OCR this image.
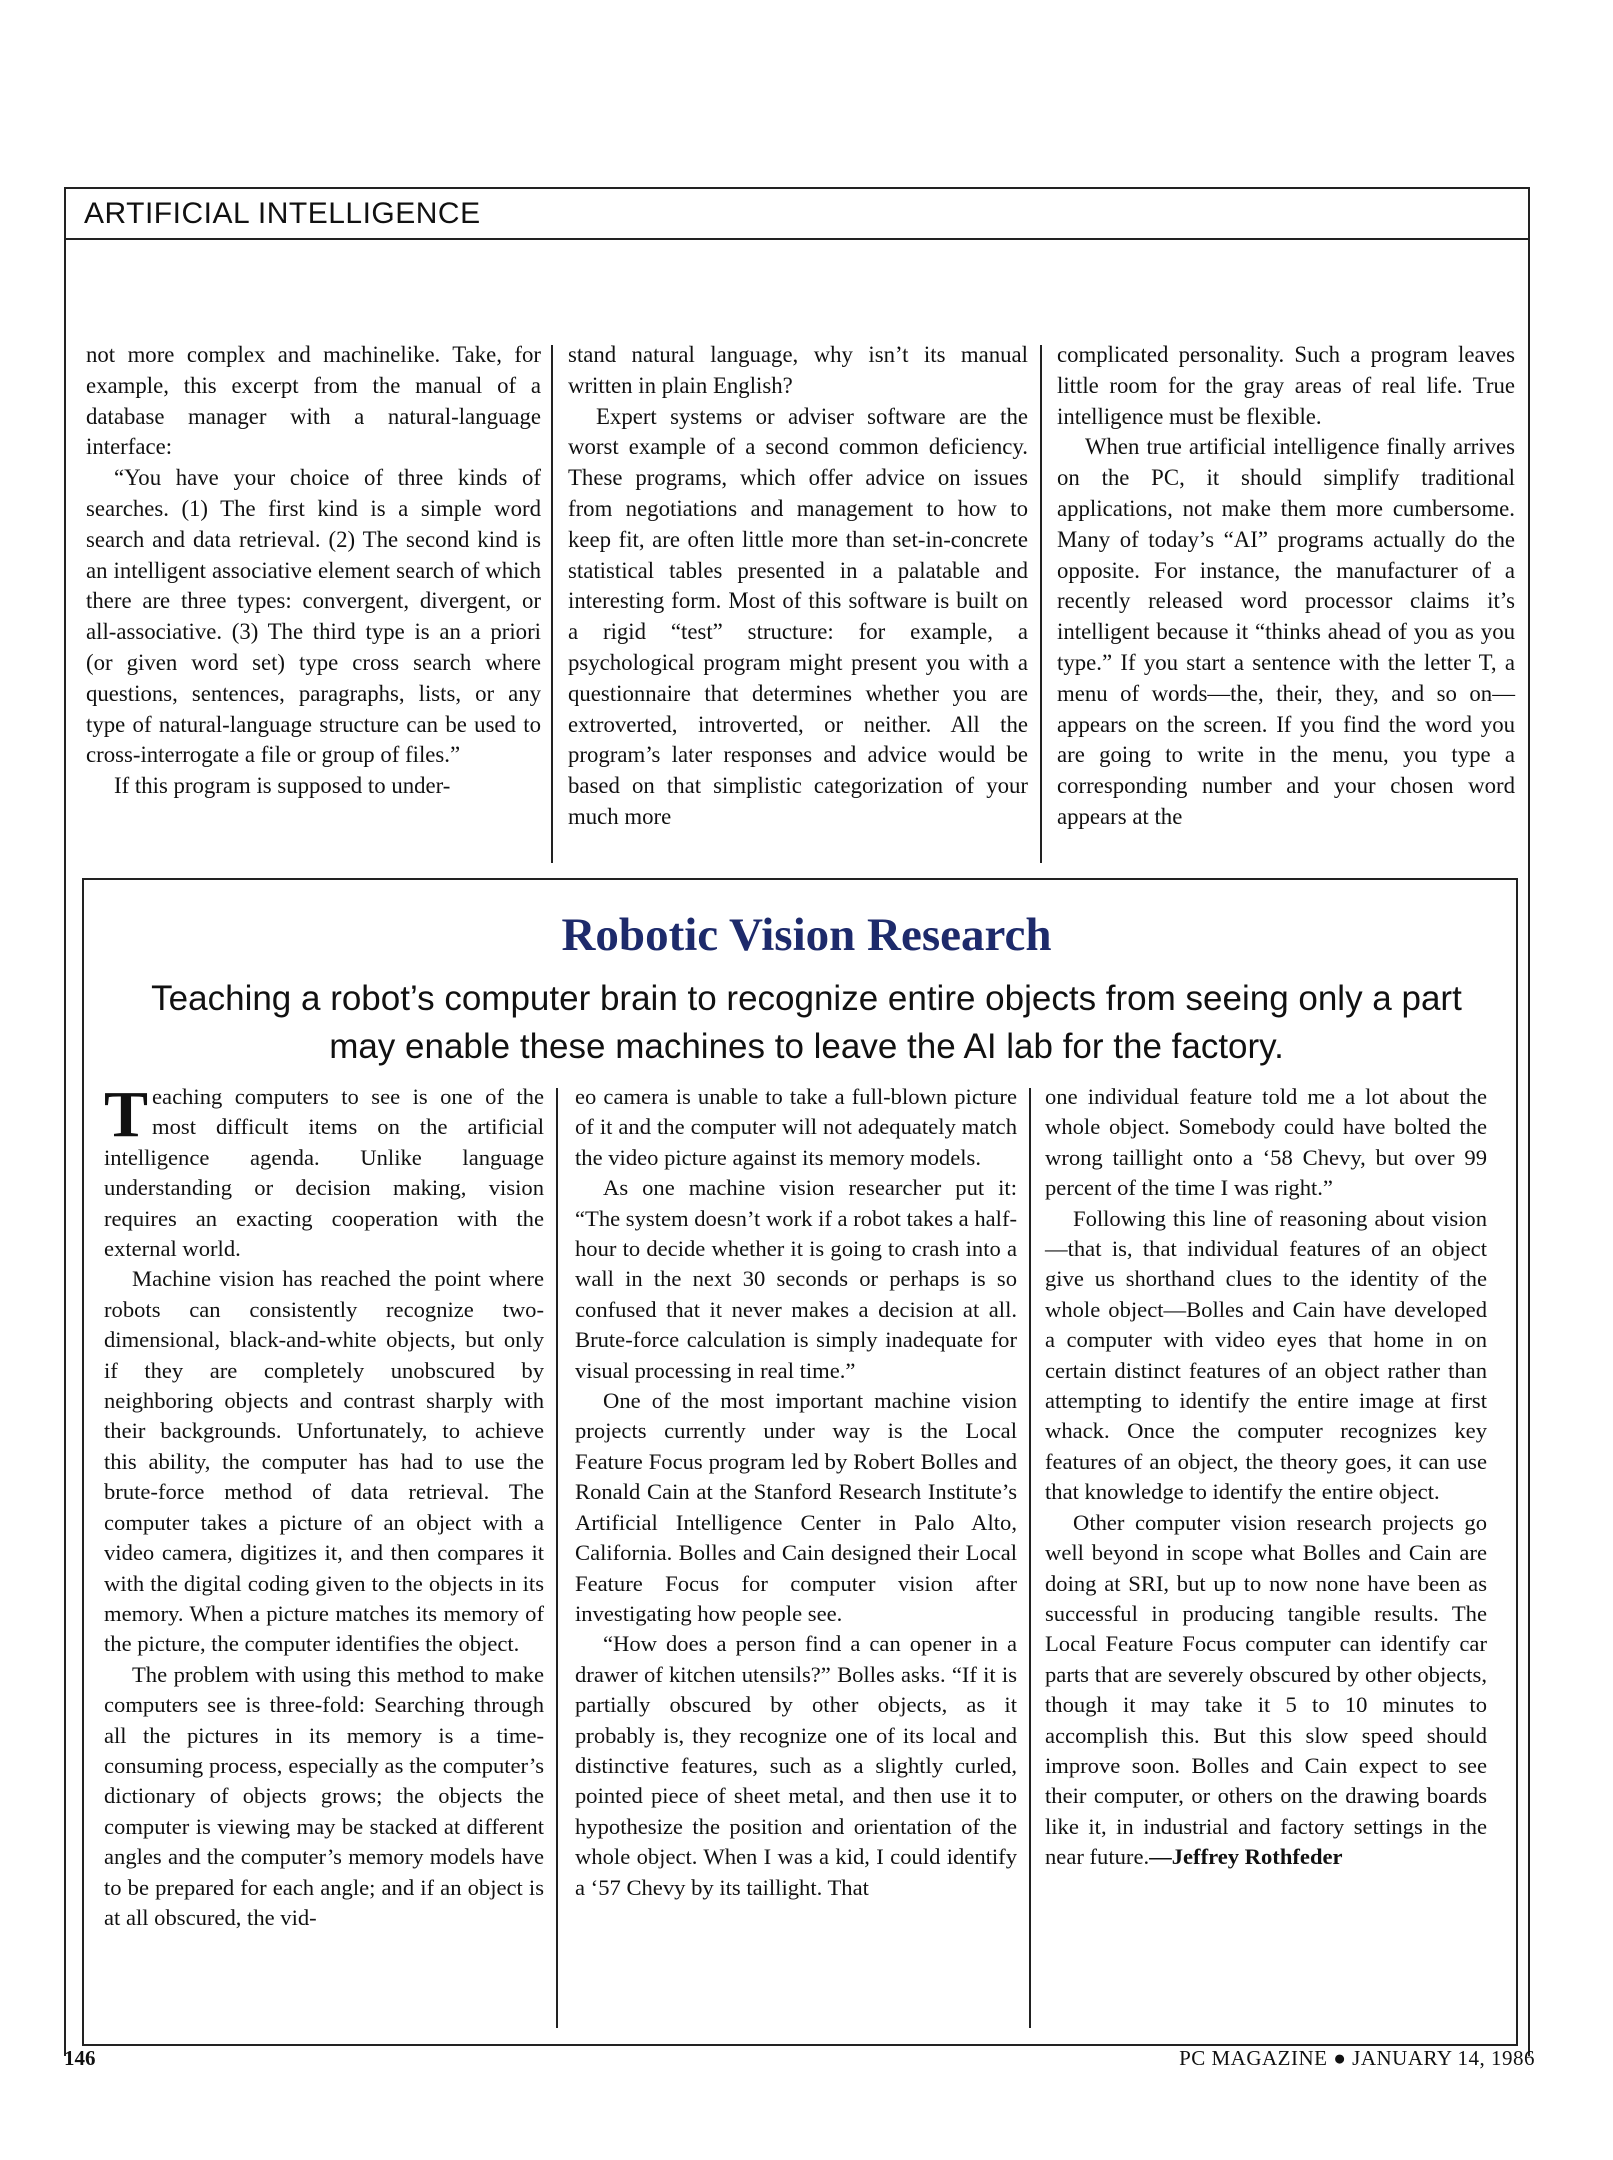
ARTIFICIAL INTELLIGENCE

not more complex and machinelike. Take, for example, this excerpt from the manual of a database manager with a natural-language interface:

“You have your choice of three kinds of searches. (1) The first kind is a simple word search and data retrieval. (2) The second kind is an intelligent associative element search of which there are three types: convergent, divergent, or all-associative. (3) The third type is an a priori (or given word set) type cross search where questions, sentences, paragraphs, lists, or any type of natural-language structure can be used to cross-interrogate a file or group of files.”

If this program is supposed to under-

stand natural language, why isn’t its manual written in plain English?

Expert systems or adviser software are the worst example of a second common deficiency. These programs, which offer advice on issues from negotiations and management to how to keep fit, are often little more than set-in-concrete statistical tables presented in a palatable and interesting form. Most of this software is built on a rigid “test” structure: for example, a psychological program might present you with a questionnaire that determines whether you are extroverted, introverted, or neither. All the program’s later responses and advice would be based on that simplistic categorization of your much more

complicated personality. Such a program leaves little room for the gray areas of real life. True intelligence must be flexible.

When true artificial intelligence finally arrives on the PC, it should simplify traditional applications, not make them more cumbersome. Many of today’s “AI” programs actually do the opposite. For instance, the manufacturer of a recently released word processor claims it’s intelligent because it “thinks ahead of you as you type.” If you start a sentence with the letter T, a menu of words—the, their, they, and so on—appears on the screen. If you find the word you are going to write in the menu, you type a corresponding number and your chosen word appears at the

Robotic Vision Research

Teaching a robot’s computer brain to recognize entire objects from seeing only a part may enable these machines to leave the AI lab for the factory.

Teaching computers to see is one of the most difficult items on the artificial intelligence agenda. Unlike language understanding or decision making, vision requires an exacting cooperation with the external world.

Machine vision has reached the point where robots can consistently recognize two-dimensional, black-and-white objects, but only if they are completely unobscured by neighboring objects and contrast sharply with their backgrounds. Unfortunately, to achieve this ability, the computer has had to use the brute-force method of data retrieval. The computer takes a picture of an object with a video camera, digitizes it, and then compares it with the digital coding given to the objects in its memory. When a picture matches its memory of the picture, the computer identifies the object.

The problem with using this method to make computers see is three-fold: Searching through all the pictures in its memory is a time-consuming process, especially as the computer’s dictionary of objects grows; the objects the computer is viewing may be stacked at different angles and the computer’s memory models have to be prepared for each angle; and if an object is at all obscured, the vid-

eo camera is unable to take a full-blown picture of it and the computer will not adequately match the video picture against its memory models.

As one machine vision researcher put it: “The system doesn’t work if a robot takes a half-hour to decide whether it is going to crash into a wall in the next 30 seconds or perhaps is so confused that it never makes a decision at all. Brute-force calculation is simply inadequate for visual processing in real time.”

One of the most important machine vision projects currently under way is the Local Feature Focus program led by Robert Bolles and Ronald Cain at the Stanford Research Institute’s Artificial Intelligence Center in Palo Alto, California. Bolles and Cain designed their Local Feature Focus for computer vision after investigating how people see.

“How does a person find a can opener in a drawer of kitchen utensils?” Bolles asks. “If it is partially obscured by other objects, as it probably is, they recognize one of its local and distinctive features, such as a slightly curled, pointed piece of sheet metal, and then use it to hypothesize the position and orientation of the whole object. When I was a kid, I could identify a ‘57 Chevy by its taillight. That

one individual feature told me a lot about the whole object. Somebody could have bolted the wrong taillight onto a ‘58 Chevy, but over 99 percent of the time I was right.”

Following this line of reasoning about vision—that is, that individual features of an object give us shorthand clues to the identity of the whole object—Bolles and Cain have developed a computer with video eyes that home in on certain distinct features of an object rather than attempting to identify the entire image at first whack. Once the computer recognizes key features of an object, the theory goes, it can use that knowledge to identify the entire object.

Other computer vision research projects go well beyond in scope what Bolles and Cain are doing at SRI, but up to now none have been as successful in producing tangible results. The Local Feature Focus computer can identify car parts that are severely obscured by other objects, though it may take it 5 to 10 minutes to accomplish this. But this slow speed should improve soon. Bolles and Cain expect to see their computer, or others on the drawing boards like it, in industrial and factory settings in the near future.—Jeffrey Rothfeder

146	PC MAGAZINE ● JANUARY 14, 1986
